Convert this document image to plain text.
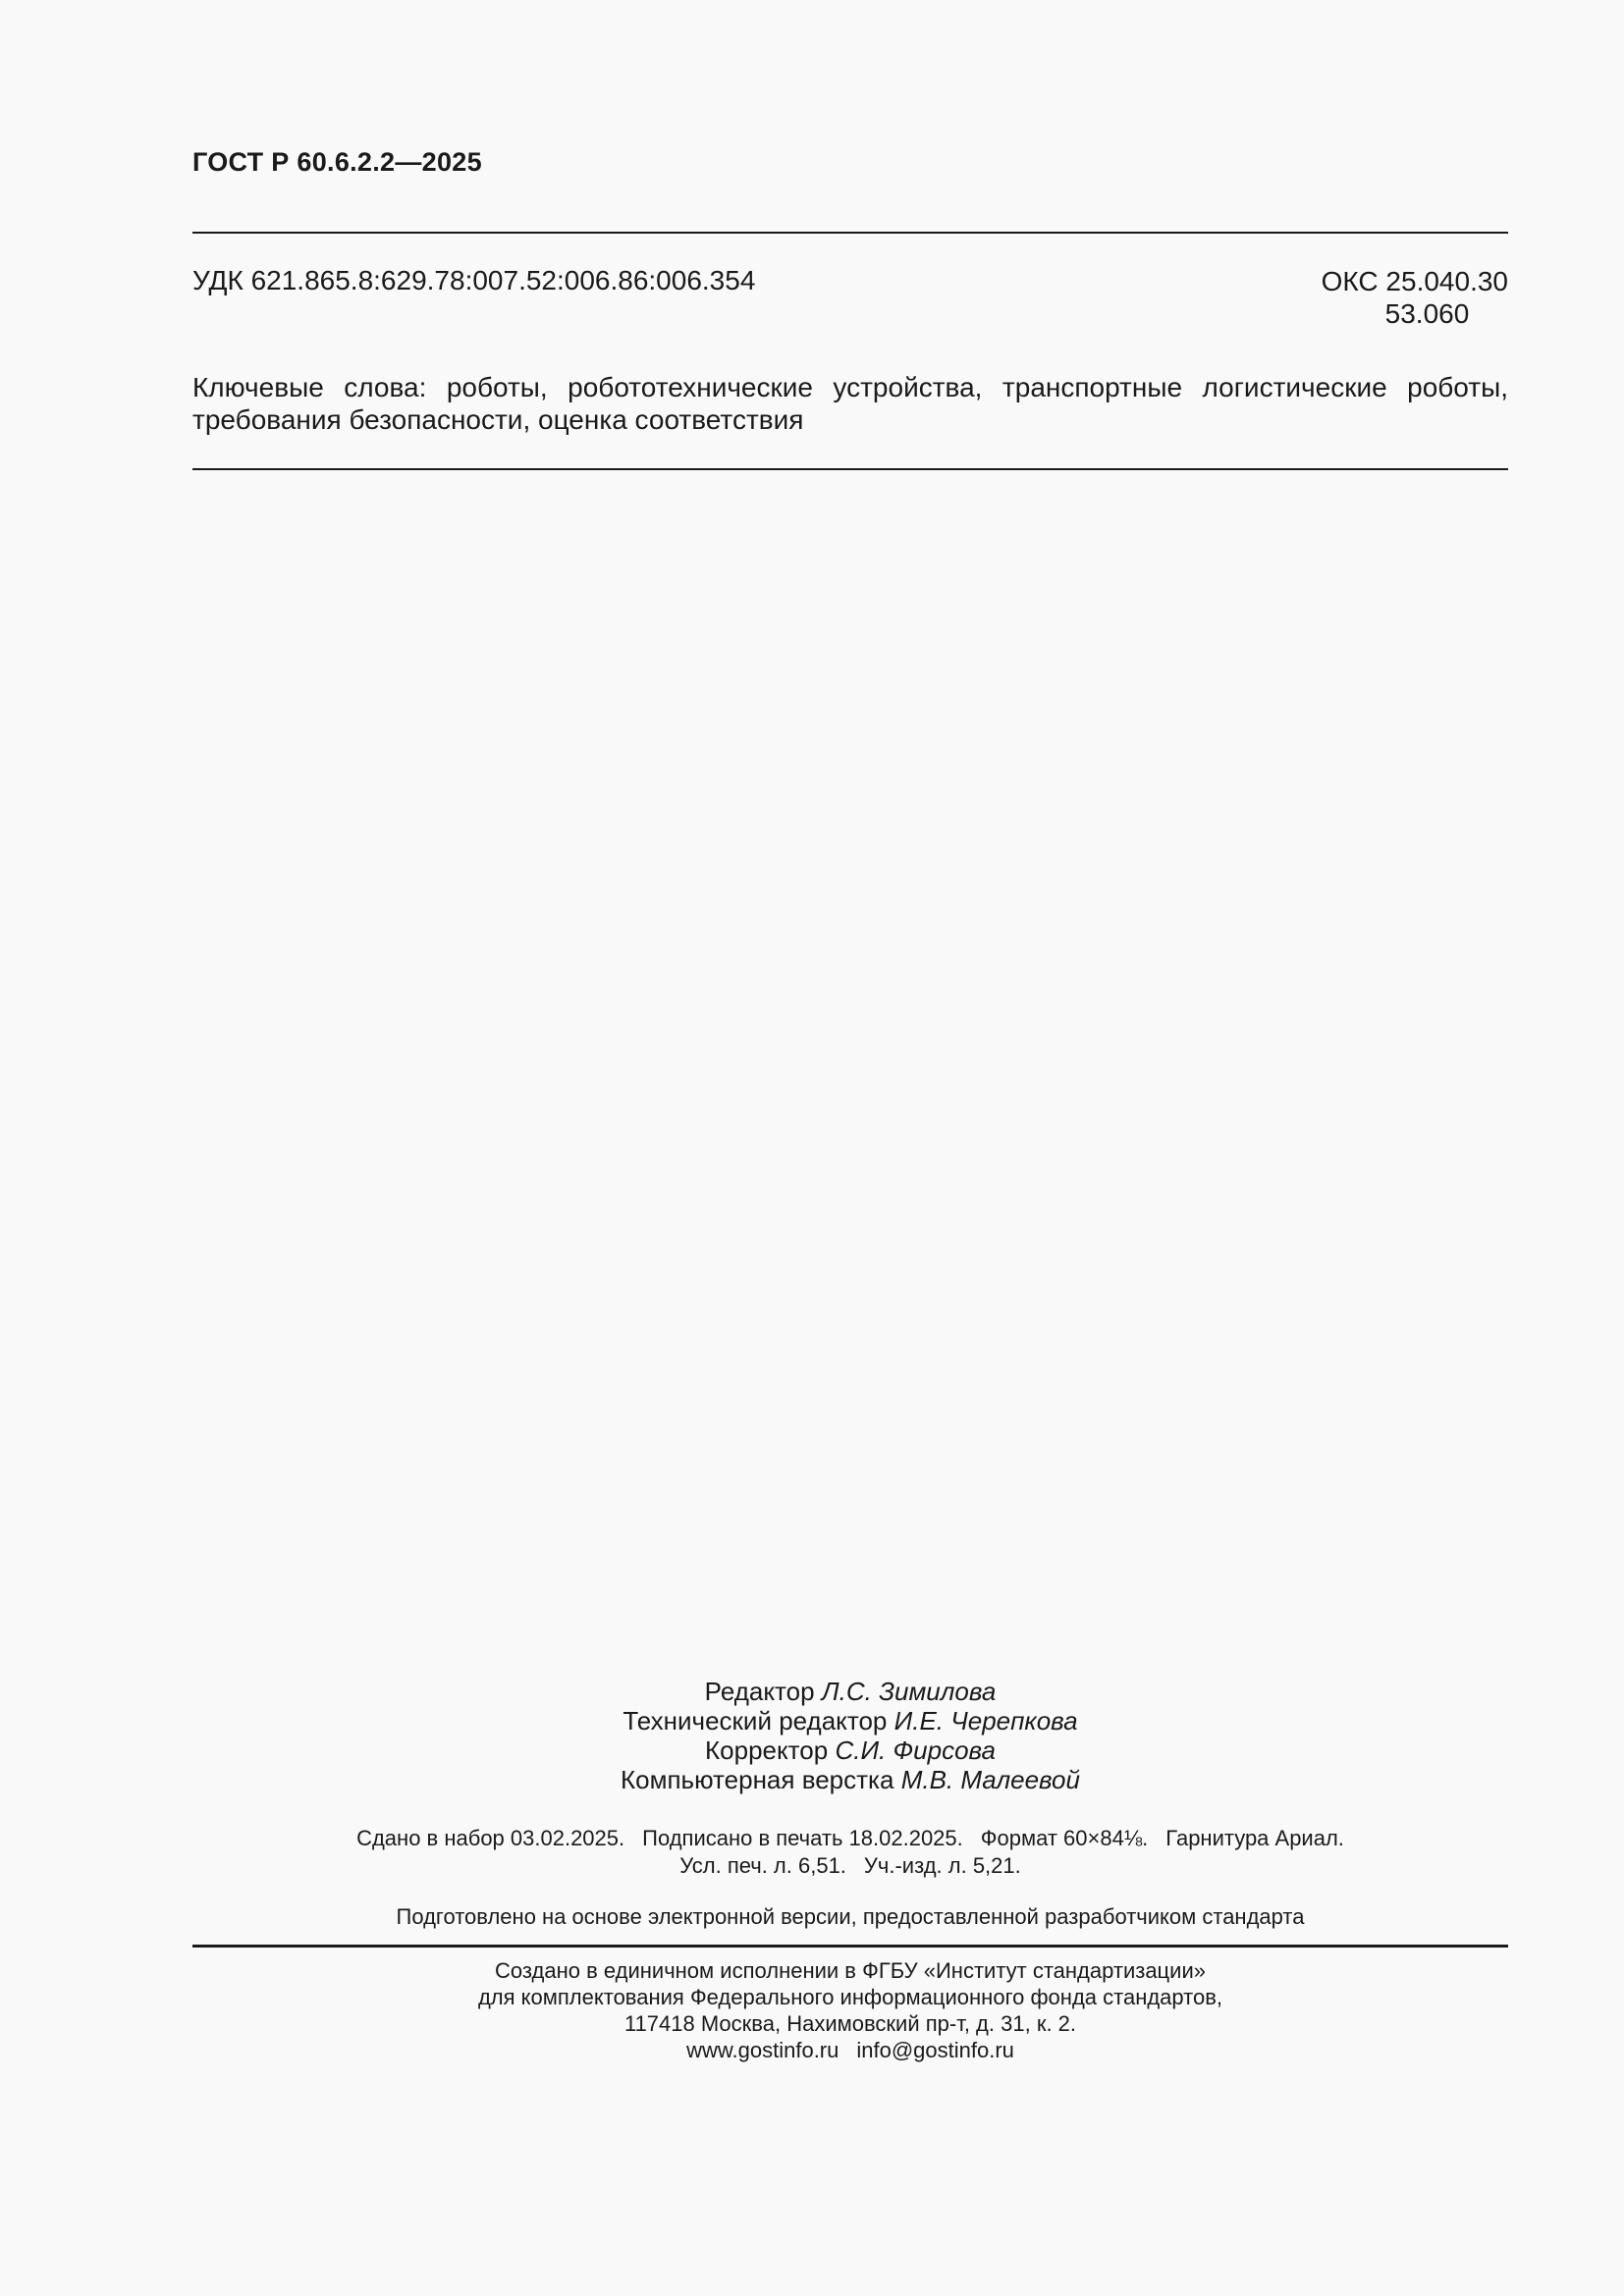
ГОСТ Р 60.6.2.2—2025
УДК 621.865.8:629.78:007.52:006.86:006.354	ОКС 25.040.30
53.060
Ключевые слова: роботы, робототехнические устройства, транспортные логистические роботы, требования безопасности, оценка соответствия
Редактор Л.С. Зимилова
Технический редактор И.Е. Черепкова
Корректор С.И. Фирсова
Компьютерная верстка М.В. Малеевой
Сдано в набор 03.02.2025. Подписано в печать 18.02.2025. Формат 60×84⅛. Гарнитура Ариал.
Усл. печ. л. 6,51. Уч.-изд. л. 5,21.
Подготовлено на основе электронной версии, предоставленной разработчиком стандарта
Создано в единичном исполнении в ФГБУ «Институт стандартизации»
для комплектования Федерального информационного фонда стандартов,
117418 Москва, Нахимовский пр-т, д. 31, к. 2.
www.gostinfo.ru info@gostinfo.ru
